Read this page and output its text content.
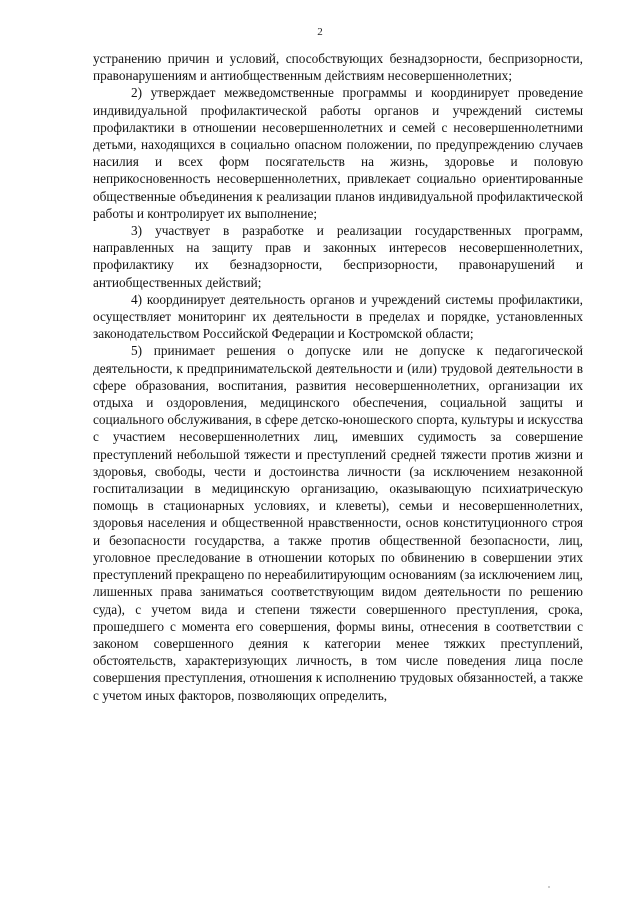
2

устранению причин и условий, способствующих безнадзорности, беспризорности, правонарушениям и антиобщественным действиям несовершеннолетних;

2) утверждает межведомственные программы и координирует проведение индивидуальной профилактической работы органов и учреждений системы профилактики в отношении несовершеннолетних и семей с несовершеннолетними детьми, находящихся в социально опасном положении, по предупреждению случаев насилия и всех форм посягательств на жизнь, здоровье и половую неприкосновенность несовершеннолетних, привлекает социально ориентированные общественные объединения к реализации планов индивидуальной профилактической работы и контролирует их выполнение;

3) участвует в разработке и реализации государственных программ, направленных на защиту прав и законных интересов несовершеннолетних, профилактику их безнадзорности, беспризорности, правонарушений и антиобщественных действий;

4) координирует деятельность органов и учреждений системы профилактики, осуществляет мониторинг их деятельности в пределах и порядке, установленных законодательством Российской Федерации и Костромской области;

5) принимает решения о допуске или не допуске к педагогической деятельности, к предпринимательской деятельности и (или) трудовой деятельности в сфере образования, воспитания, развития несовершеннолетних, организации их отдыха и оздоровления, медицинского обеспечения, социальной защиты и социального обслуживания, в сфере детско-юношеского спорта, культуры и искусства с участием несовершеннолетних лиц, имевших судимость за совершение преступлений небольшой тяжести и преступлений средней тяжести против жизни и здоровья, свободы, чести и достоинства личности (за исключением незаконной госпитализации в медицинскую организацию, оказывающую психиатрическую помощь в стационарных условиях, и клеветы), семьи и несовершеннолетних, здоровья населения и общественной нравственности, основ конституционного строя и безопасности государства, а также против общественной безопасности, лиц, уголовное преследование в отношении которых по обвинению в совершении этих преступлений прекращено по нереабилитирующим основаниям (за исключением лиц, лишенных права заниматься соответствующим видом деятельности по решению суда), с учетом вида и степени тяжести совершенного преступления, срока, прошедшего с момента его совершения, формы вины, отнесения в соответствии с законом совершенного деяния к категории менее тяжких преступлений, обстоятельств, характеризующих личность, в том числе поведения лица после совершения преступления, отношения к исполнению трудовых обязанностей, а также с учетом иных факторов, позволяющих определить,
